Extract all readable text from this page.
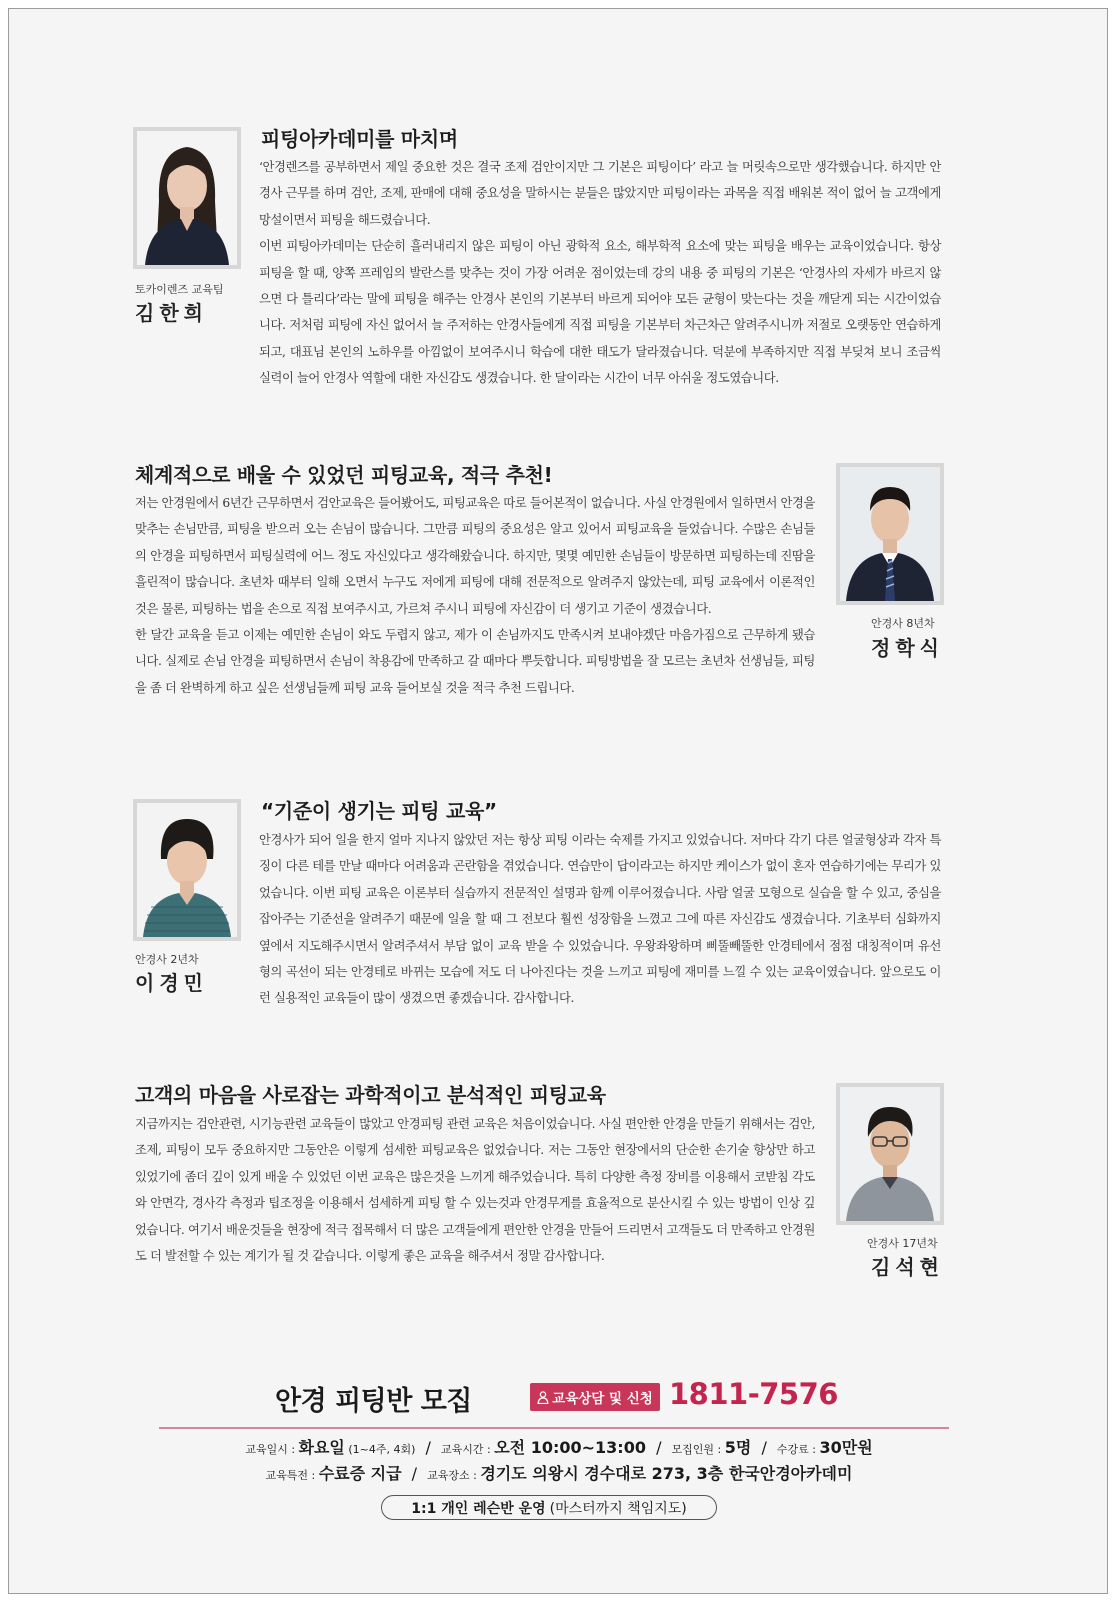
토카이렌즈 교육팀
김한희
피팅아카데미를 마치며

‘안경렌즈를 공부하면서 제일 중요한 것은 결국 조제 검안이지만 그 기본은 피팅이다’ 라고 늘 머릿속으로만 생각했습니다. 하지만 안경사 근무를 하며 검안, 조제, 판매에 대해 중요성을 말하시는 분들은 많았지만 피팅이라는 과목을 직접 배워본 적이 없어 늘 고객에게 망설이면서 피팅을 해드렸습니다.

이번 피팅아카데미는 단순히 흘러내리지 않은 피팅이 아닌 광학적 요소, 해부학적 요소에 맞는 피팅을 배우는 교육이었습니다. 항상 피팅을 할 때, 양쪽 프레임의 발란스를 맞추는 것이 가장 어려운 점이었는데 강의 내용 중 피팅의 기본은 ‘안경사의 자세가 바르지 않으면 다 틀리다’라는 말에 피팅을 해주는 안경사 본인의 기본부터 바르게 되어야 모든 균형이 맞는다는 것을 깨닫게 되는 시간이었습니다. 저처럼 피팅에 자신 없어서 늘 주저하는 안경사들에게 직접 피팅을 기본부터 차근차근 알려주시니까 저절로 오랫동안 연습하게 되고, 대표님 본인의 노하우를 아낌없이 보여주시니 학습에 대한 태도가 달라졌습니다. 덕분에 부족하지만 직접 부딪쳐 보니 조금씩 실력이 늘어 안경사 역할에 대한 자신감도 생겼습니다. 한 달이라는 시간이 너무 아쉬울 정도였습니다.

체계적으로 배울 수 있었던 피팅교육, 적극 추천!

저는 안경원에서 6년간 근무하면서 검안교육은 들어봤어도, 피팅교육은 따로 들어본적이 없습니다. 사실 안경원에서 일하면서 안경을 맞추는 손님만큼, 피팅을 받으러 오는 손님이 많습니다. 그만큼 피팅의 중요성은 알고 있어서 피팅교육을 들었습니다. 수많은 손님들의 안경을 피팅하면서 피팅실력에 어느 정도 자신있다고 생각해왔습니다. 하지만, 몇몇 예민한 손님들이 방문하면 피팅하는데 진땀을 흘린적이 많습니다. 초년차 때부터 일해 오면서 누구도 저에게 피팅에 대해 전문적으로 알려주지 않았는데, 피팅 교육에서 이론적인 것은 물론, 피팅하는 법을 손으로 직접 보여주시고, 가르쳐 주시니 피팅에 자신감이 더 생기고 기준이 생겼습니다.

한 달간 교육을 듣고 이제는 예민한 손님이 와도 두렵지 않고, 제가 이 손님까지도 만족시켜 보내야겠단 마음가짐으로 근무하게 됐습니다. 실제로 손님 안경을 피팅하면서 손님이 착용감에 만족하고 갈 때마다 뿌듯합니다. 피팅방법을 잘 모르는 초년차 선생님들, 피팅을 좀 더 완벽하게 하고 싶은 선생님들께 피팅 교육 들어보실 것을 적극 추천 드립니다.

안경사 8년차
정학식
안경사 2년차
이경민
“기준이 생기는 피팅 교육”

안경사가 되어 일을 한지 얼마 지나지 않았던 저는 항상 피팅 이라는 숙제를 가지고 있었습니다. 저마다 각기 다른 얼굴형상과 각자 특징이 다른 테를 만날 때마다 어려움과 곤란함을 겪었습니다. 연습만이 답이라고는 하지만 케이스가 없이 혼자 연습하기에는 무리가 있었습니다. 이번 피팅 교육은 이론부터 실습까지 전문적인 설명과 함께 이루어졌습니다. 사람 얼굴 모형으로 실습을 할 수 있고, 중심을 잡아주는 기준선을 알려주기 때문에 일을 할 때 그 전보다 훨씬 성장함을 느꼈고 그에 따른 자신감도 생겼습니다. 기초부터 심화까지 옆에서 지도해주시면서 알려주셔서 부담 없이 교육 받을 수 있었습니다. 우왕좌왕하며 삐뚤빼뚤한 안경테에서 점점 대칭적이며 유선형의 곡선이 되는 안경테로 바뀌는 모습에 저도 더 나아진다는 것을 느끼고 피팅에 재미를 느낄 수 있는 교육이였습니다. 앞으로도 이런 실용적인 교육들이 많이 생겼으면 좋겠습니다. 감사합니다.

고객의 마음을 사로잡는 과학적이고 분석적인 피팅교육

지금까지는 검안관련, 시기능관련 교육들이 많았고 안경피팅 관련 교육은 처음이었습니다. 사실 편안한 안경을 만들기 위해서는 검안, 조제, 피팅이 모두 중요하지만 그동안은 이렇게 섬세한 피팅교육은 없었습니다. 저는 그동안 현장에서의 단순한 손기술 향상만 하고 있었기에 좀더 깊이 있게 배울 수 있었던 이번 교육은 많은것을 느끼게 해주었습니다. 특히 다양한 측정 장비를 이용해서 코받침 각도와 안면각, 경사각 측정과 팁조정을 이용해서 섬세하게 피팅 할 수 있는것과 안경무게를 효율적으로 분산시킬 수 있는 방법이 인상 깊었습니다. 여기서 배운것들을 현장에 적극 접목해서 더 많은 고객들에게 편안한 안경을 만들어 드리면서 고객들도 더 만족하고 안경원도 더 발전할 수 있는 계기가 될 것 같습니다. 이렇게 좋은 교육을 해주셔서 정말 감사합니다.

안경사 17년차
김석현
안경 피팅반 모집	교육상담 및 신청 1811-7576
교육일시 : 화요일 (1~4주, 4회) / 교육시간 : 오전 10:00~13:00 / 모집인원 : 5명 / 수강료 : 30만원
교육특전 : 수료증 지급 / 교육장소 : 경기도 의왕시 경수대로 273, 3층 한국안경아카데미
1:1 개인 레슨반 운영 (마스터까지 책임지도)
